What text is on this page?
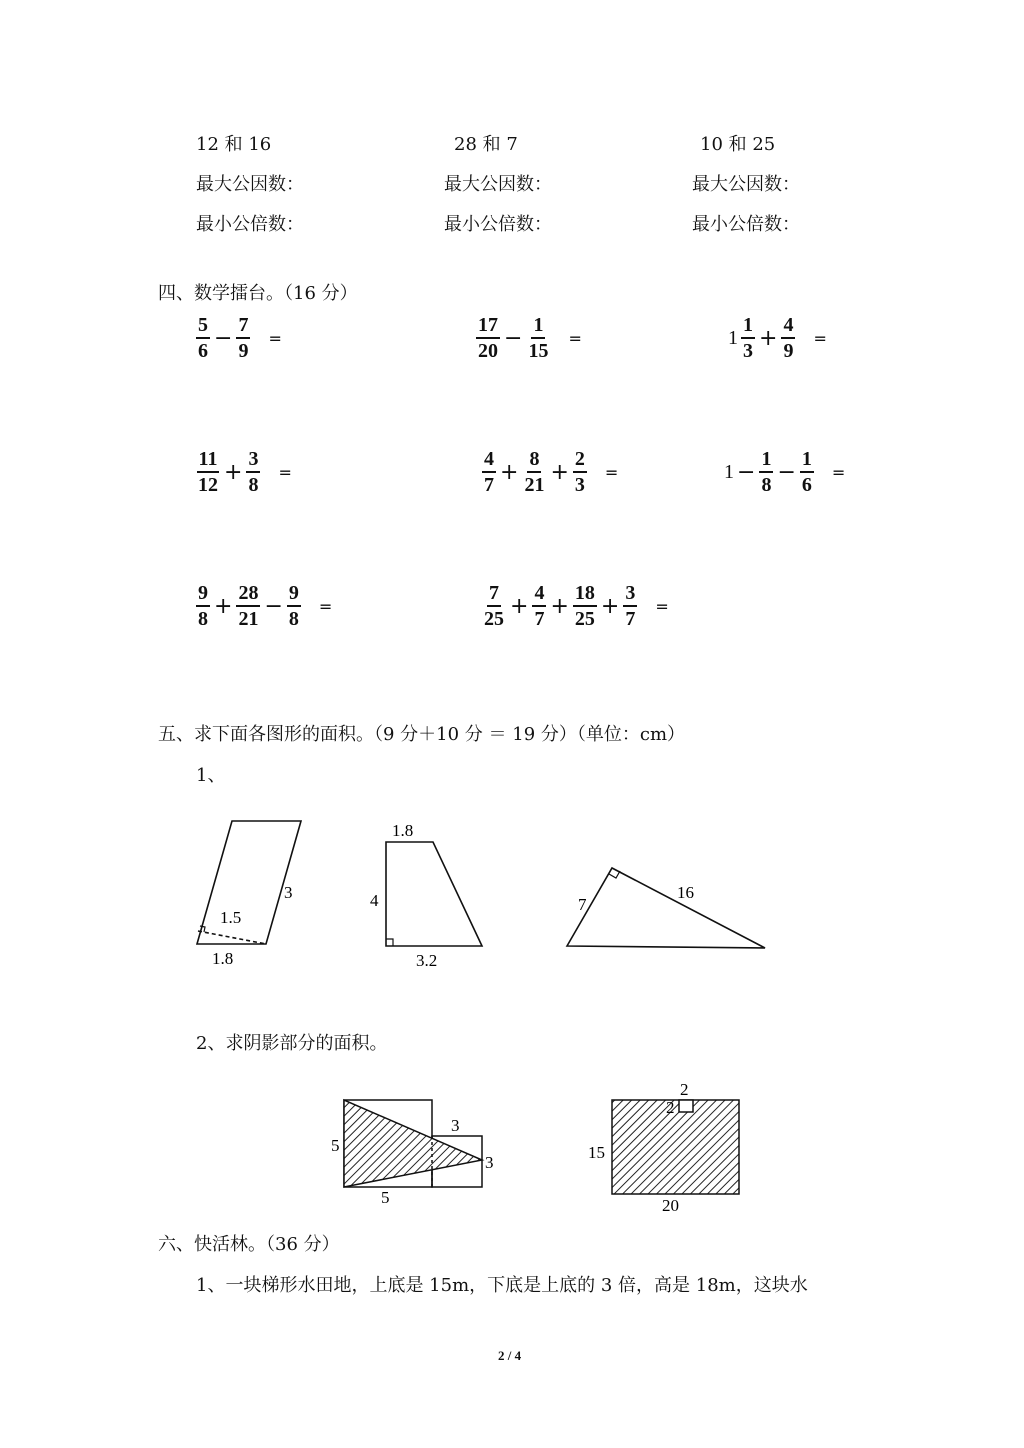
12 和 16	28 和 7	10 和 25
最大公因数：	最大公因数：	最大公因数：
最小公倍数：	最小公倍数：	最小公倍数：
四、数学擂台。（16 分）
$\frac{5}{6} - \frac{7}{9}$ =	$\frac{17}{20} - \frac{1}{15}$ =	$1 \frac{1}{3} + \frac{4}{9}$ =
$\frac{11}{12} + \frac{3}{8}$ =	$\frac{4}{7} + \frac{8}{21} + \frac{2}{3}$ =	$1 - \frac{1}{8} - \frac{1}{6}$ =
$\frac{9}{8} + \frac{28}{21} - \frac{9}{8}$ =	$\frac{7}{25} + \frac{4}{7} + \frac{18}{25} + \frac{3}{7}$ =
五、求下面各图形的面积。（9 分＋10 分 ＝ 19 分）（单位：cm）
1、
3
1.5
1.8
1.8
4
3.2
7
16
2、求阴影部分的面积。
5
5
3
3
2
2
15
20
六、快活林。（36 分）
1、一块梯形水田地，上底是 15m，下底是上底的 3 倍，高是 18m，这块水
2 / 4
